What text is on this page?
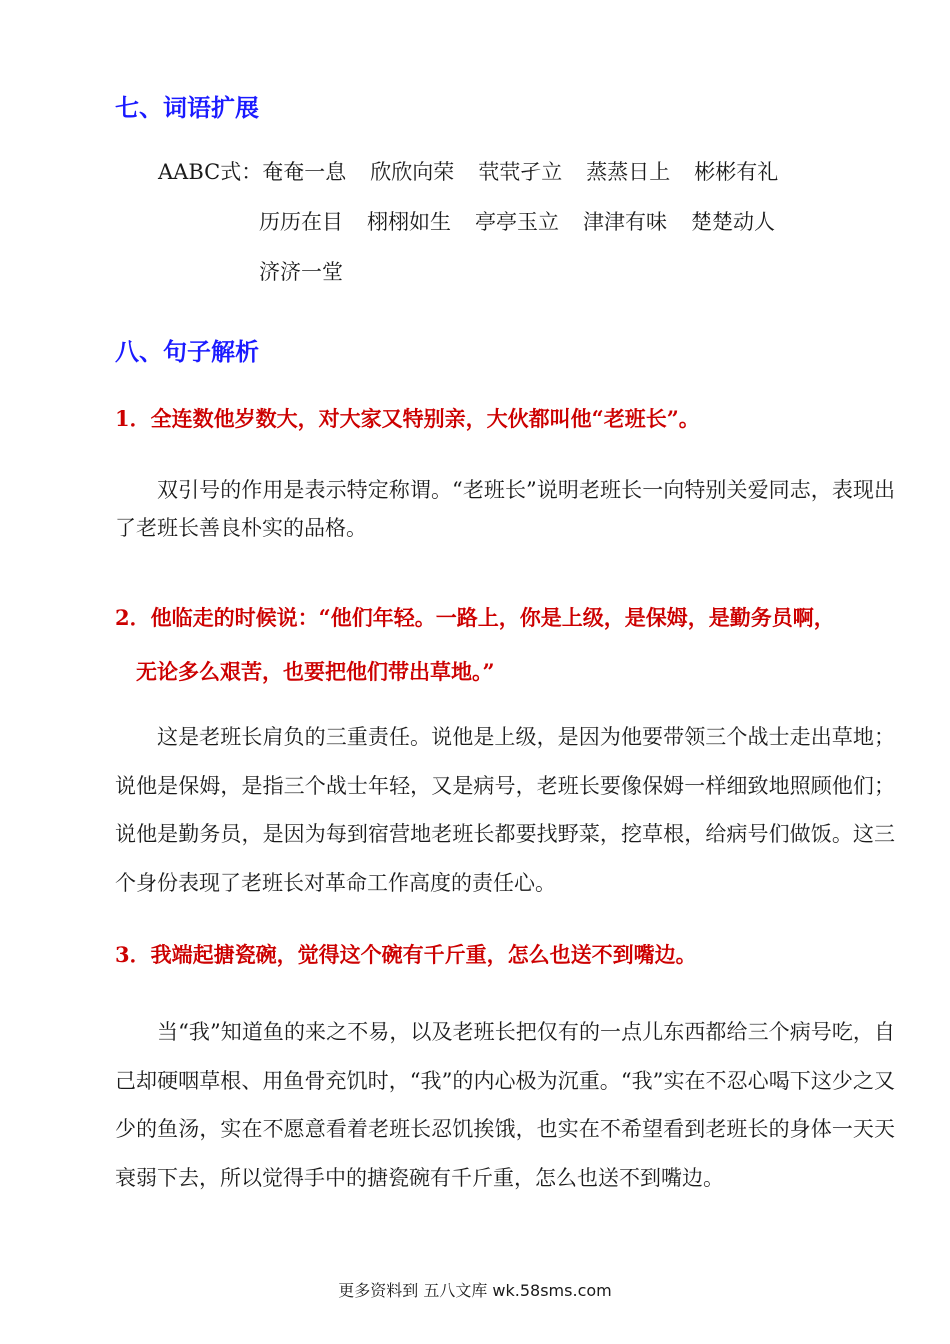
七、词语扩展
AABC式：奄奄一息 欣欣向荣 茕茕孑立 蒸蒸日上 彬彬有礼
历历在目 栩栩如生 亭亭玉立 津津有味 楚楚动人
济济一堂
八、句子解析
1．全连数他岁数大，对大家又特别亲，大伙都叫他“老班长”。
双引号的作用是表示特定称谓。“老班长”说明老班长一向特别关爱同志，表现出了老班长善良朴实的品格。
2．他临走的时候说：“他们年轻。一路上，你是上级，是保姆，是勤务员啊，
无论多么艰苦，也要把他们带出草地。”
这是老班长肩负的三重责任。说他是上级，是因为他要带领三个战士走出草地；说他是保姆，是指三个战士年轻，又是病号，老班长要像保姆一样细致地照顾他们；说他是勤务员，是因为每到宿营地老班长都要找野菜，挖草根，给病号们做饭。这三个身份表现了老班长对革命工作高度的责任心。
3．我端起搪瓷碗，觉得这个碗有千斤重，怎么也送不到嘴边。
当“我”知道鱼的来之不易，以及老班长把仅有的一点儿东西都给三个病号吃，自己却硬咽草根、用鱼骨充饥时，“我”的内心极为沉重。“我”实在不忍心喝下这少之又少的鱼汤，实在不愿意看着老班长忍饥挨饿，也实在不希望看到老班长的身体一天天衰弱下去，所以觉得手中的搪瓷碗有千斤重，怎么也送不到嘴边。
更多资料到 五八文库 wk.58sms.com
